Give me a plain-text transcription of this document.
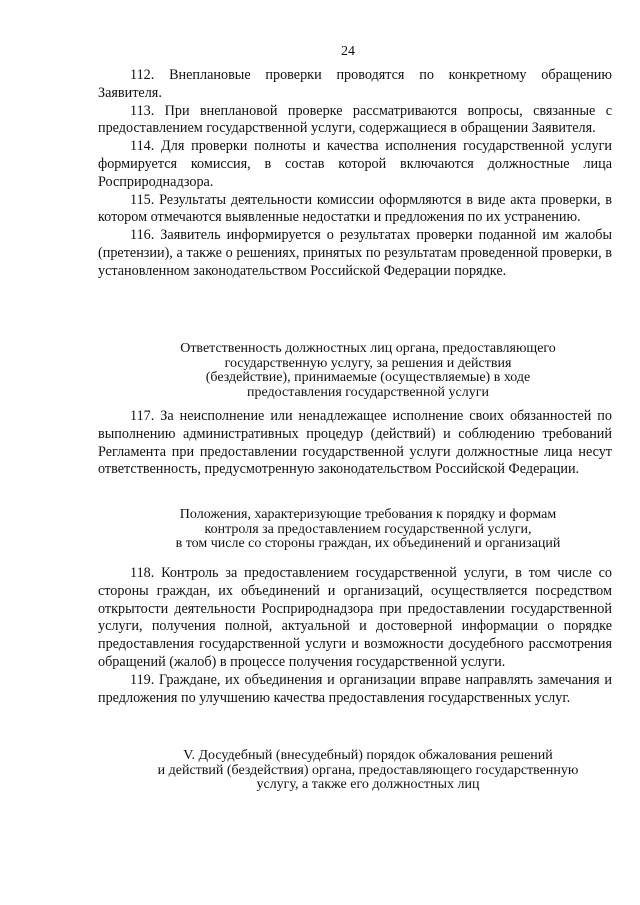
24

112. Внеплановые проверки проводятся по конкретному обращению Заявителя.

113. При внеплановой проверке рассматриваются вопросы, связанные с предоставлением государственной услуги, содержащиеся в обращении Заявителя.

114. Для проверки полноты и качества исполнения государственной услуги формируется комиссия, в состав которой включаются должностные лица Росприроднадзора.

115. Результаты деятельности комиссии оформляются в виде акта проверки, в котором отмечаются выявленные недостатки и предложения по их устранению.

116. Заявитель информируется о результатах проверки поданной им жалобы (претензии), а также о решениях, принятых по результатам проведенной проверки, в установленном законодательством Российской Федерации порядке.

Ответственность должностных лиц органа, предоставляющего
государственную услугу, за решения и действия
(бездействие), принимаемые (осуществляемые) в ходе
предоставления государственной услуги

117. За неисполнение или ненадлежащее исполнение своих обязанностей по выполнению административных процедур (действий) и соблюдению требований Регламента при предоставлении государственной услуги должностные лица несут ответственность, предусмотренную законодательством Российской Федерации.

Положения, характеризующие требования к порядку и формам
контроля за предоставлением государственной услуги,
в том числе со стороны граждан, их объединений и организаций

118. Контроль за предоставлением государственной услуги, в том числе со стороны граждан, их объединений и организаций, осуществляется посредством открытости деятельности Росприроднадзора при предоставлении государственной услуги, получения полной, актуальной и достоверной информации о порядке предоставления государственной услуги и возможности досудебного рассмотрения обращений (жалоб) в процессе получения государственной услуги.

119. Граждане, их объединения и организации вправе направлять замечания и предложения по улучшению качества предоставления государственных услуг.

V. Досудебный (внесудебный) порядок обжалования решений
и действий (бездействия) органа, предоставляющего государственную
услугу, а также его должностных лиц
